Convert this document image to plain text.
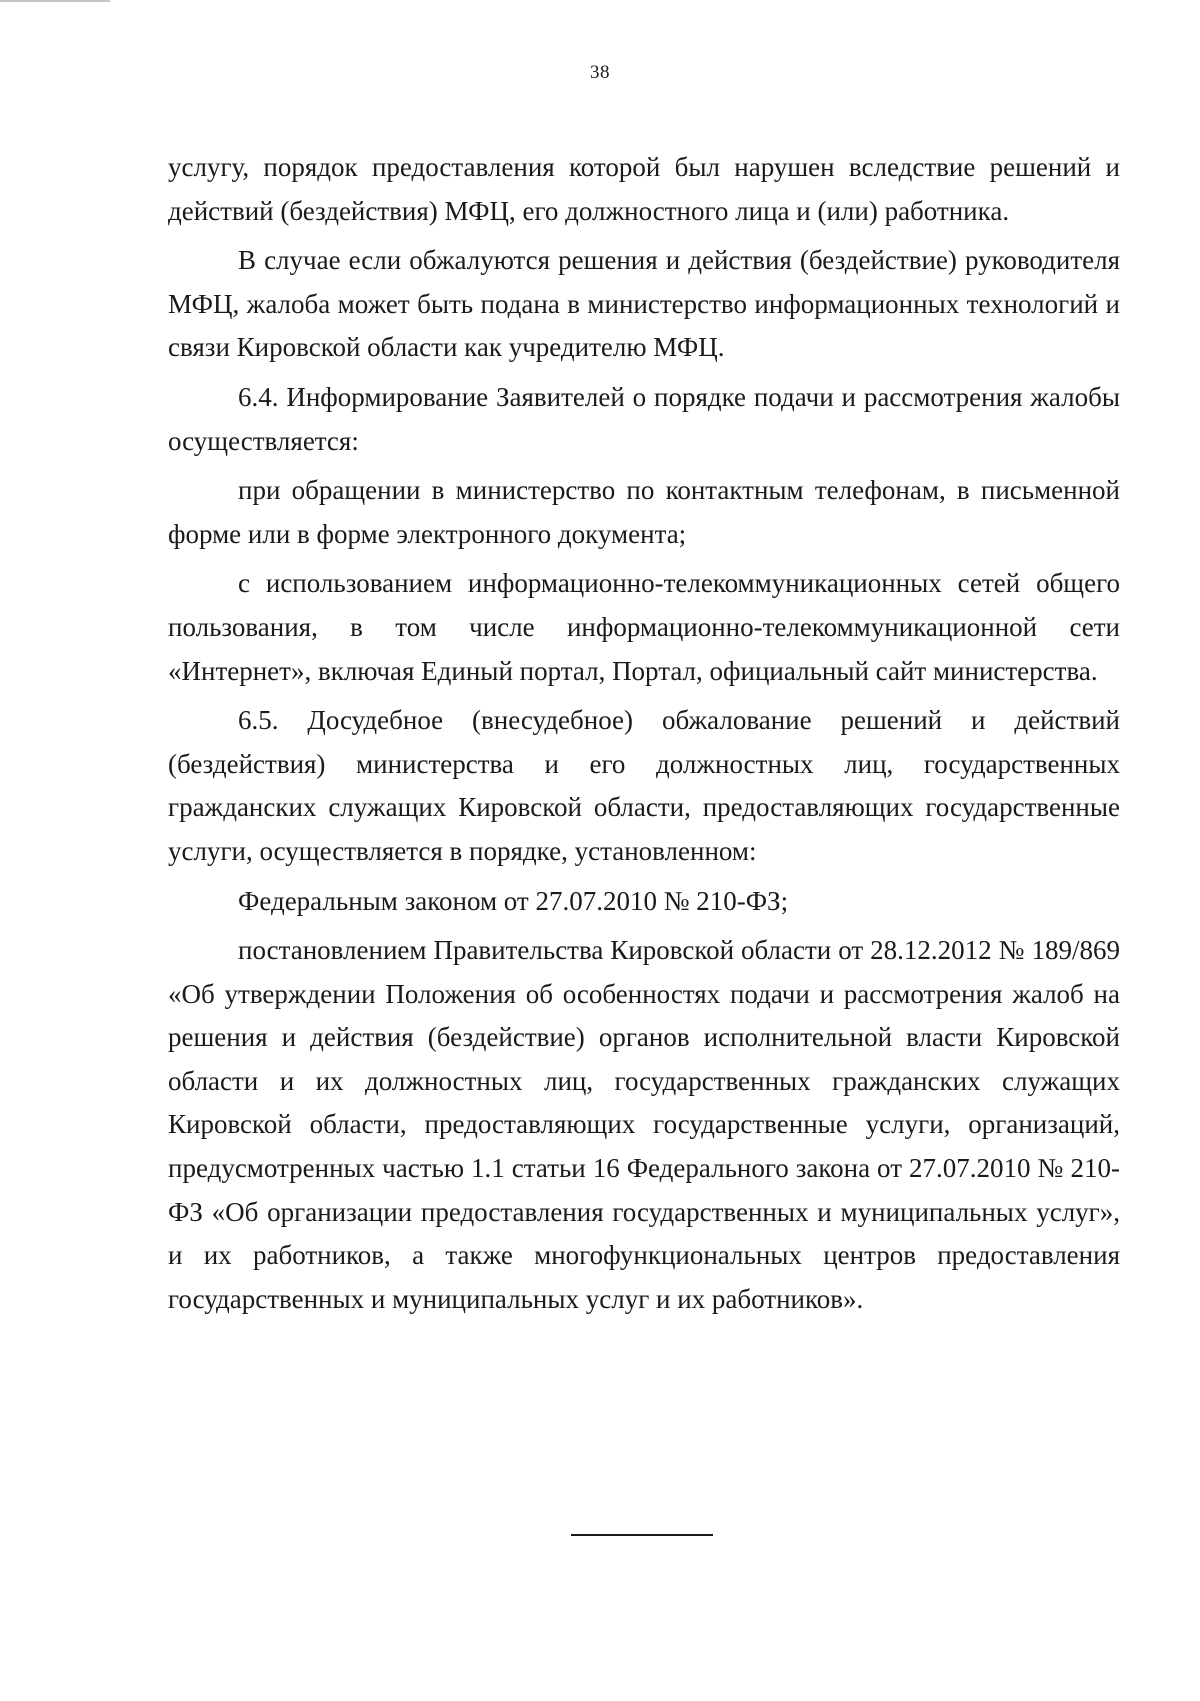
38

услугу, порядок предоставления которой был нарушен вследствие решений и действий (бездействия) МФЦ, его должностного лица и (или) работника.

В случае если обжалуются решения и действия (бездействие) руководителя МФЦ, жалоба может быть подана в министерство информационных технологий и связи Кировской области как учредителю МФЦ.

6.4. Информирование Заявителей о порядке подачи и рассмотрения жалобы осуществляется:

при обращении в министерство по контактным телефонам, в письменной форме или в форме электронного документа;

с использованием информационно-телекоммуникационных сетей общего пользования, в том числе информационно-телекоммуникационной сети «Интернет», включая Единый портал, Портал, официальный сайт министерства.

6.5. Досудебное (внесудебное) обжалование решений и действий (бездействия) министерства и его должностных лиц, государственных гражданских служащих Кировской области, предоставляющих государственные услуги, осуществляется в порядке, установленном:

Федеральным законом от 27.07.2010 № 210-ФЗ;

постановлением Правительства Кировской области от 28.12.2012 № 189/869 «Об утверждении Положения об особенностях подачи и рассмотрения жалоб на решения и действия (бездействие) органов исполнительной власти Кировской области и их должностных лиц, государственных гражданских служащих Кировской области, предоставляющих государственные услуги, организаций, предусмотренных частью 1.1 статьи 16 Федерального закона от 27.07.2010 № 210-ФЗ «Об организации предоставления государственных и муниципальных услуг», и их работников, а также многофункциональных центров предоставления государственных и муниципальных услуг и их работников».
